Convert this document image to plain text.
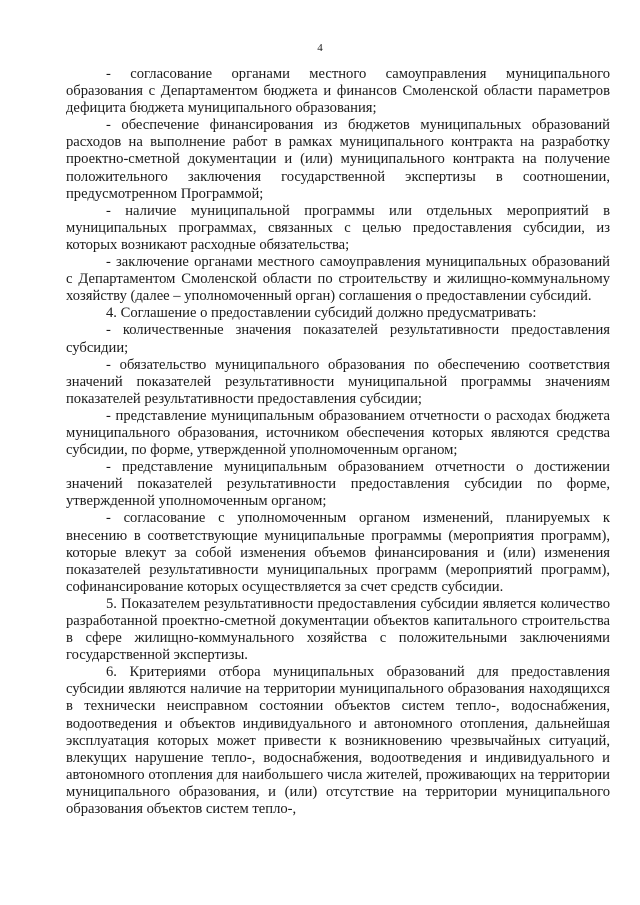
4

- согласование органами местного самоуправления муниципального образования с Департаментом бюджета и финансов Смоленской области параметров дефицита бюджета муниципального образования;

- обеспечение финансирования из бюджетов муниципальных образований расходов на выполнение работ в рамках муниципального контракта на разработку проектно-сметной документации и (или) муниципального контракта на получение положительного заключения государственной экспертизы в соотношении, предусмотренном Программой;

- наличие муниципальной программы или отдельных мероприятий в муниципальных программах, связанных с целью предоставления субсидии, из которых возникают расходные обязательства;

- заключение органами местного самоуправления муниципальных образований с Департаментом Смоленской области по строительству и жилищно-коммунальному хозяйству (далее – уполномоченный орган) соглашения о предоставлении субсидий.

4. Соглашение о предоставлении субсидий должно предусматривать:

- количественные значения показателей результативности предоставления субсидии;

- обязательство муниципального образования по обеспечению соответствия значений показателей результативности муниципальной программы значениям показателей результативности предоставления субсидии;

- представление муниципальным образованием отчетности о расходах бюджета муниципального образования, источником обеспечения которых являются средства субсидии, по форме, утвержденной уполномоченным органом;

- представление муниципальным образованием отчетности о достижении значений показателей результативности предоставления субсидии по форме, утвержденной уполномоченным органом;

- согласование с уполномоченным органом изменений, планируемых к внесению в соответствующие муниципальные программы (мероприятия программ), которые влекут за собой изменения объемов финансирования и (или) изменения показателей результативности муниципальных программ (мероприятий программ), софинансирование которых осуществляется за счет средств субсидии.

5. Показателем результативности предоставления субсидии является количество разработанной проектно-сметной документации объектов капитального строительства в сфере жилищно-коммунального хозяйства с положительными заключениями государственной экспертизы.

6. Критериями отбора муниципальных образований для предоставления субсидии являются наличие на территории муниципального образования находящихся в технически неисправном состоянии объектов систем тепло-, водоснабжения, водоотведения и объектов индивидуального и автономного отопления, дальнейшая эксплуатация которых может привести к возникновению чрезвычайных ситуаций, влекущих нарушение тепло-, водоснабжения, водоотведения и индивидуального и автономного отопления для наибольшего числа жителей, проживающих на территории муниципального образования, и (или) отсутствие на территории муниципального образования объектов систем тепло-,
